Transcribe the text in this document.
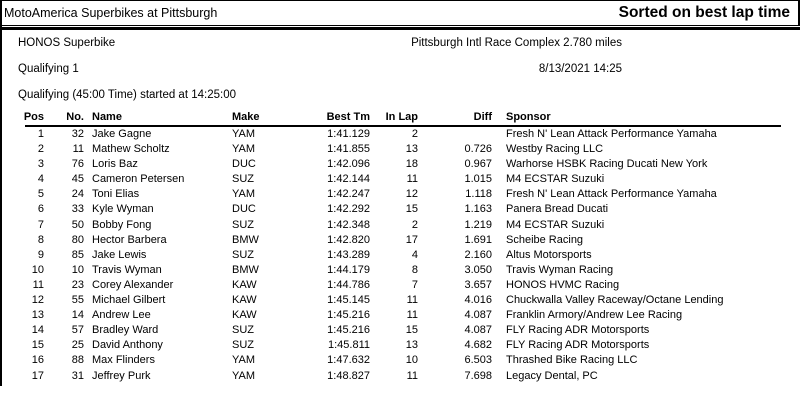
MotoAmerica Superbikes at Pittsburgh	Sorted on best lap time
HONOS Superbike	Pittsburgh Intl Race Complex 2.780 miles
Qualifying 1	8/13/2021 14:25
Qualifying (45:00 Time) started at 14:25:00
Pos	No.	Name	Make	Best Tm	In Lap	Diff	Sponsor
1	32	Jake Gagne	YAM	1:41.129	2		Fresh N' Lean Attack Performance Yamaha
2	11	Mathew Scholtz	YAM	1:41.855	13	0.726	Westby Racing LLC
3	76	Loris Baz	DUC	1:42.096	18	0.967	Warhorse HSBK Racing Ducati New York
4	45	Cameron Petersen	SUZ	1:42.144	11	1.015	M4 ECSTAR Suzuki
5	24	Toni Elias	YAM	1:42.247	12	1.118	Fresh N' Lean Attack Performance Yamaha
6	33	Kyle Wyman	DUC	1:42.292	15	1.163	Panera Bread Ducati
7	50	Bobby Fong	SUZ	1:42.348	2	1.219	M4 ECSTAR Suzuki
8	80	Hector Barbera	BMW	1:42.820	17	1.691	Scheibe Racing
9	85	Jake Lewis	SUZ	1:43.289	4	2.160	Altus Motorsports
10	10	Travis Wyman	BMW	1:44.179	8	3.050	Travis Wyman Racing
11	23	Corey Alexander	KAW	1:44.786	7	3.657	HONOS HVMC Racing
12	55	Michael Gilbert	KAW	1:45.145	11	4.016	Chuckwalla Valley Raceway/Octane Lending
13	14	Andrew Lee	KAW	1:45.216	11	4.087	Franklin Armory/Andrew Lee Racing
14	57	Bradley Ward	SUZ	1:45.216	15	4.087	FLY Racing ADR Motorsports
15	25	David Anthony	SUZ	1:45.811	13	4.682	FLY Racing ADR Motorsports
16	88	Max Flinders	YAM	1:47.632	10	6.503	Thrashed Bike Racing LLC
17	31	Jeffrey Purk	YAM	1:48.827	11	7.698	Legacy Dental, PC
